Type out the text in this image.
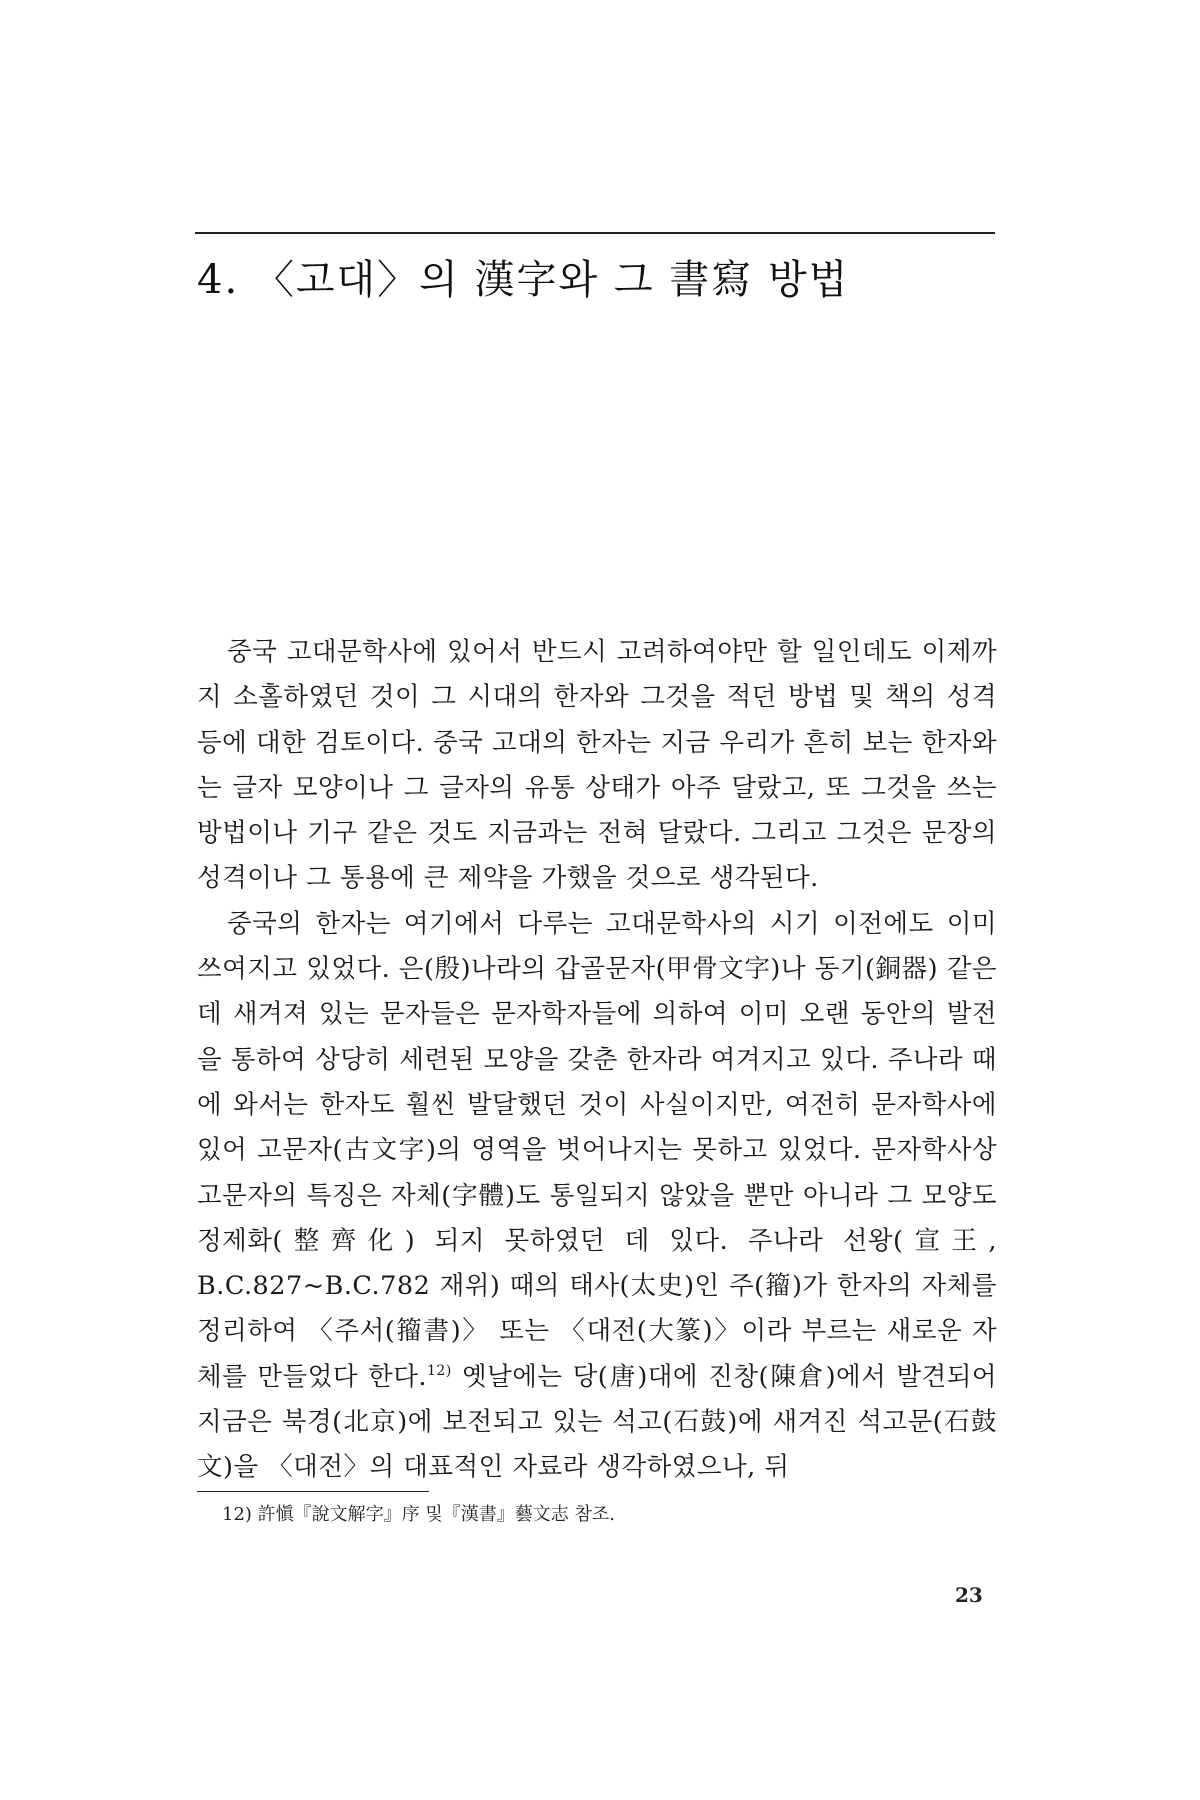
4. 〈고대〉의 漢字와 그 書寫 방법

중국 고대문학사에 있어서 반드시 고려하여야만 할 일인데도 이제까지 소홀하였던 것이 그 시대의 한자와 그것을 적던 방법 및 책의 성격 등에 대한 검토이다. 중국 고대의 한자는 지금 우리가 흔히 보는 한자와는 글자 모양이나 그 글자의 유통 상태가 아주 달랐고, 또 그것을 쓰는 방법이나 기구 같은 것도 지금과는 전혀 달랐다. 그리고 그것은 문장의 성격이나 그 통용에 큰 제약을 가했을 것으로 생각된다.

중국의 한자는 여기에서 다루는 고대문학사의 시기 이전에도 이미 쓰여지고 있었다. 은(殷)나라의 갑골문자(甲骨文字)나 동기(銅器) 같은 데 새겨져 있는 문자들은 문자학자들에 의하여 이미 오랜 동안의 발전을 통하여 상당히 세련된 모양을 갖춘 한자라 여겨지고 있다. 주나라 때에 와서는 한자도 훨씬 발달했던 것이 사실이지만, 여전히 문자학사에 있어 고문자(古文字)의 영역을 벗어나지는 못하고 있었다. 문자학사상 고문자의 특징은 자체(字體)도 통일되지 않았을 뿐만 아니라 그 모양도 정제화(整齊化) 되지 못하였던 데 있다. 주나라 선왕(宣王, B.C.827~B.C.782 재위) 때의 태사(太史)인 주(籀)가 한자의 자체를 정리하여 〈주서(籀書)〉 또는 〈대전(大篆)〉이라 부르는 새로운 자체를 만들었다 한다.$^{12)}$ 옛날에는 당(唐)대에 진창(陳倉)에서 발견되어 지금은 북경(北京)에 보전되고 있는 석고(石鼓)에 새겨진 석고문(石鼓文)을 〈대전〉의 대표적인 자료라 생각하였으나, 뒤

12) 許愼『說文解字』序 및『漢書』藝文志 참조.
23
